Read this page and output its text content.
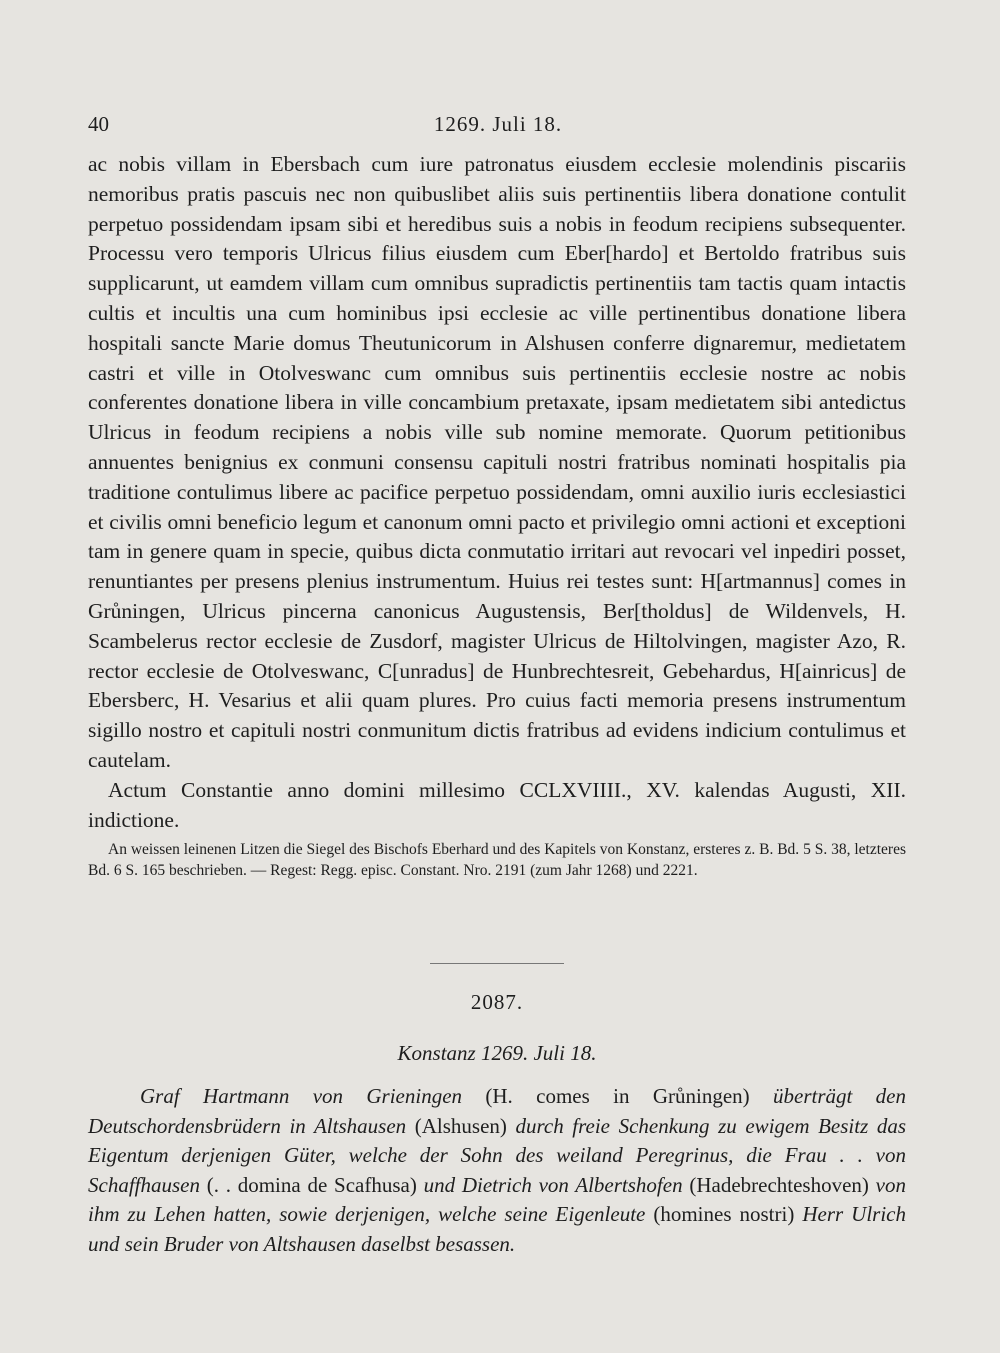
40	1269. Juli 18.

ac nobis villam in Ebersbach cum iure patronatus eiusdem ecclesie molendinis piscariis nemoribus pratis pascuis nec non quibuslibet aliis suis pertinentiis libera donatione contulit perpetuo possidendam ipsam sibi et heredibus suis a nobis in feodum recipiens subsequenter. Processu vero temporis Ulricus filius eiusdem cum Eber[hardo] et Bertoldo fratribus suis supplicarunt, ut eamdem villam cum omnibus supradictis pertinentiis tam tactis quam intactis cultis et incultis una cum hominibus ipsi ecclesie ac ville pertinentibus donatione libera hospitali sancte Marie domus Theutunicorum in Alshusen conferre dignaremur, medietatem castri et ville in Otolveswanc cum omnibus suis pertinentiis ecclesie nostre ac nobis conferentes donatione libera in ville concambium pretaxate, ipsam medietatem sibi antedictus Ulricus in feodum recipiens a nobis ville sub nomine memorate. Quorum petitionibus annuentes benignius ex conmuni consensu capituli nostri fratribus nominati hospitalis pia traditione contulimus libere ac pacifice perpetuo possidendam, omni auxilio iuris ecclesiastici et civilis omni beneficio legum et canonum omni pacto et privilegio omni actioni et exceptioni tam in genere quam in specie, quibus dicta conmutatio irritari aut revocari vel inpediri posset, renuntiantes per presens plenius instrumentum. Huius rei testes sunt: H[artmannus] comes in Grůningen, Ulricus pincerna canonicus Augustensis, Ber[tholdus] de Wildenvels, H. Scambelerus rector ecclesie de Zusdorf, magister Ulricus de Hiltolvingen, magister Azo, R. rector ecclesie de Otolveswanc, C[unradus] de Hunbrechtesreit, Gebehardus, H[ainricus] de Ebersberc, H. Vesarius et alii quam plures. Pro cuius facti memoria presens instrumentum sigillo nostro et capituli nostri conmunitum dictis fratribus ad evidens indicium contulimus et cautelam.

Actum Constantie anno domini millesimo CCLXVIIII., XV. kalendas Augusti, XII. indictione.

An weissen leinenen Litzen die Siegel des Bischofs Eberhard und des Kapitels von Konstanz, ersteres z. B. Bd. 5 S. 38, letzteres Bd. 6 S. 165 beschrieben. — Regest: Regg. episc. Constant. Nro. 2191 (zum Jahr 1268) und 2221.

2087.
Konstanz 1269. Juli 18.

Graf Hartmann von Grieningen (H. comes in Grůningen) überträgt den Deutschordensbrüdern in Altshausen (Alshusen) durch freie Schenkung zu ewigem Besitz das Eigentum derjenigen Güter, welche der Sohn des weiland Peregrinus, die Frau . . von Schaffhausen (. . domina de Scafhusa) und Dietrich von Albertshofen (Hadebrechteshoven) von ihm zu Lehen hatten, sowie derjenigen, welche seine Eigenleute (homines nostri) Herr Ulrich und sein Bruder von Altshausen daselbst besassen.
